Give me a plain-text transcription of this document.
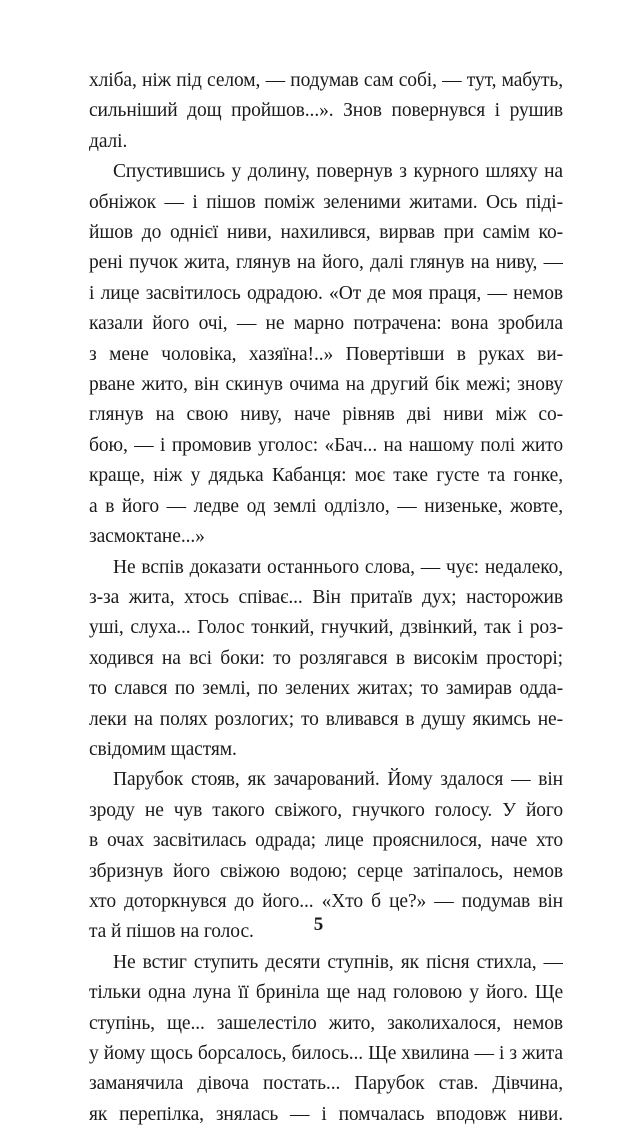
хліба, ніж під селом, — подумав сам собі, — тут, мабуть,
сильніший дощ пройшов...». Знов повернувся і рушив
далі.
Спустившись у долину, повернув з курного шляху на
обніжок — і пішов поміж зеленими житами. Ось піді-
йшов до однієї ниви, нахилився, вирвав при самім ко-
рені пучок жита, глянув на його, далі глянув на ниву, —
і лице засвітилось одрадою. «От де моя праця, — немов
казали його очі, — не марно потрачена: вона зробила
з мене чоловіка, хазяїна!..» Повертівши в руках ви-
рване жито, він скинув очима на другий бік межі; знову
глянув на свою ниву, наче рівняв дві ниви між со-
бою, — і промовив уголос: «Бач... на нашому полі жито
краще, ніж у дядька Кабанця: моє таке густе та гонке,
а в його — ледве од землі одлізло, — низеньке, жовте,
засмоктане...»
Не вспів доказати останнього слова, — чує: недалеко,
з-за жита, хтось співає... Він притаїв дух; насторожив
уші, слуха... Голос тонкий, гнучкий, дзвінкий, так і роз-
ходився на всі боки: то розлягався в високім просторі;
то слався по землі, по зелених житах; то замирав оддa-
леки на полях розлогих; то вливався в душу якимсь не-
свідомим щастям.
Парубок стояв, як зачарований. Йому здалося — він
зроду не чув такого свіжого, гнучкого голосу. У його
в очах засвітилась одрада; лице прояснилося, наче хто
збризнув його свіжою водою; серце затіпалось, немов
хто доторкнувся до його... «Хто б це?» — подумав він
та й пішов на голос.
Не встиг ступить десяти ступнів, як пісня стихла, —
тільки одна луна її бриніла ще над головою у його. Ще
ступінь, ще... зашелестіло жито, заколихалося, немов
у йому щось борсалось, билось... Ще хвилина — і з жита
заманячила дівоча постать... Парубок став. Дівчина,
як перепілка, знялась — і помчалась вподовж ниви.
5
